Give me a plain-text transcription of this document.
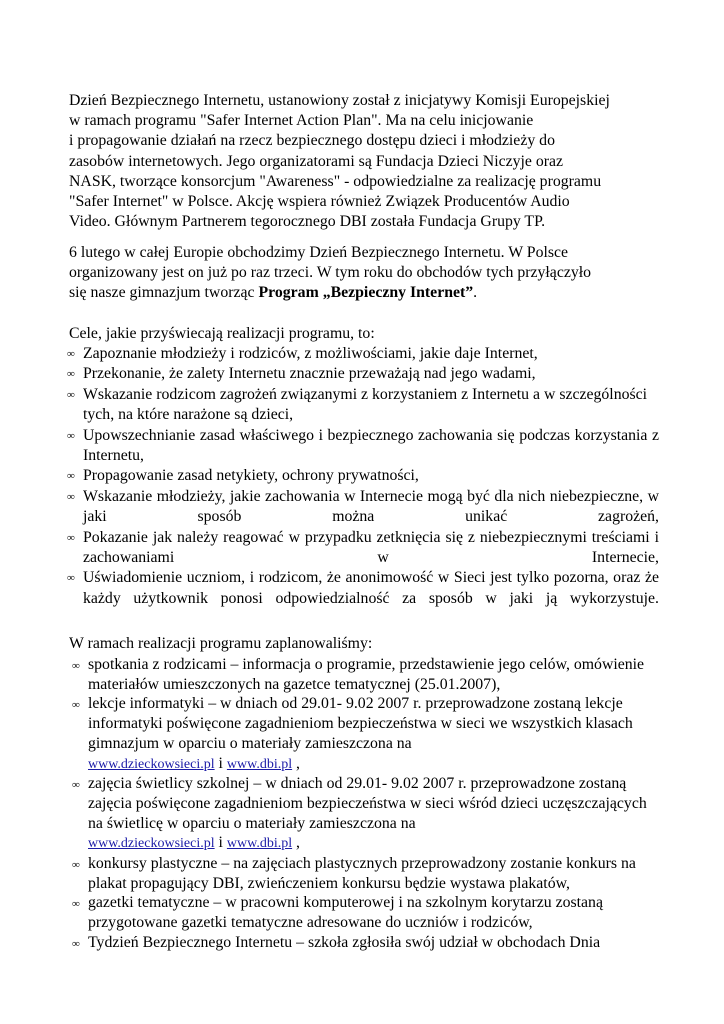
Dzień Bezpiecznego Internetu, ustanowiony został z inicjatywy Komisji Europejskiej

w ramach programu "Safer Internet Action Plan". Ma na celu inicjowanie

i propagowanie działań na rzecz bezpiecznego dostępu dzieci i młodzieży do

zasobów internetowych. Jego organizatorami są Fundacja Dzieci Niczyje oraz

NASK, tworzące konsorcjum "Awareness" - odpowiedzialne za realizację programu

"Safer Internet" w Polsce. Akcję wspiera również Związek Producentów Audio

Video. Głównym Partnerem tegorocznego DBI została Fundacja Grupy TP.

6 lutego w całej Europie obchodzimy Dzień Bezpiecznego Internetu. W Polsce

organizowany jest on już po raz trzeci. W tym roku do obchodów tych przyłączyło

się nasze gimnazjum tworząc Program „Bezpieczny Internet”.

Cele, jakie przyświecają realizacji programu, to:

∞ Zapoznanie młodzieży i rodziców, z możliwościami, jakie daje Internet,
∞ Przekonanie, że zalety Internetu znacznie przeważają nad jego wadami,
∞ Wskazanie rodzicom zagrożeń związanymi z korzystaniem z Internetu a w szczególności tych, na które narażone są dzieci,
∞ Upowszechnianie zasad właściwego i bezpiecznego zachowania się podczas korzystania z Internetu,
∞ Propagowanie zasad netykiety, ochrony prywatności,
∞ Wskazanie młodzieży, jakie zachowania w Internecie mogą być dla nich niebezpieczne, w jaki sposób można unikać zagrożeń,
∞ Pokazanie jak należy reagować w przypadku zetknięcia się z niebezpiecznymi treściami i zachowaniami w Internecie,
∞ Uświadomienie uczniom, i rodzicom, że anonimowość w Sieci jest tylko pozorna, oraz że każdy użytkownik ponosi odpowiedzialność za sposób w jaki ją wykorzystuje.

W ramach realizacji programu zaplanowaliśmy:

∞ spotkania z rodzicami – informacja o programie, przedstawienie jego celów, omówienie materiałów umieszczonych na gazetce tematycznej (25.01.2007),
∞ lekcje informatyki – w dniach od 29.01- 9.02 2007 r. przeprowadzone zostaną lekcje informatyki poświęcone zagadnieniom bezpieczeństwa w sieci we wszystkich klasach gimnazjum w oparciu o materiały zamieszczona na
www.dzieckowsieci.pl i www.dbi.pl ,
∞ zajęcia świetlicy szkolnej – w dniach od 29.01- 9.02 2007 r. przeprowadzone zostaną zajęcia poświęcone zagadnieniom bezpieczeństwa w sieci wśród dzieci uczęszczających na świetlicę w oparciu o materiały zamieszczona na
www.dzieckowsieci.pl i www.dbi.pl ,
∞ konkursy plastyczne – na zajęciach plastycznych przeprowadzony zostanie konkurs na plakat propagujący DBI, zwieńczeniem konkursu będzie wystawa plakatów,
∞ gazetki tematyczne – w pracowni komputerowej i na szkolnym korytarzu zostaną przygotowane gazetki tematyczne adresowane do uczniów i rodziców,
∞ Tydzień Bezpiecznego Internetu – szkoła zgłosiła swój udział w obchodach Dnia
